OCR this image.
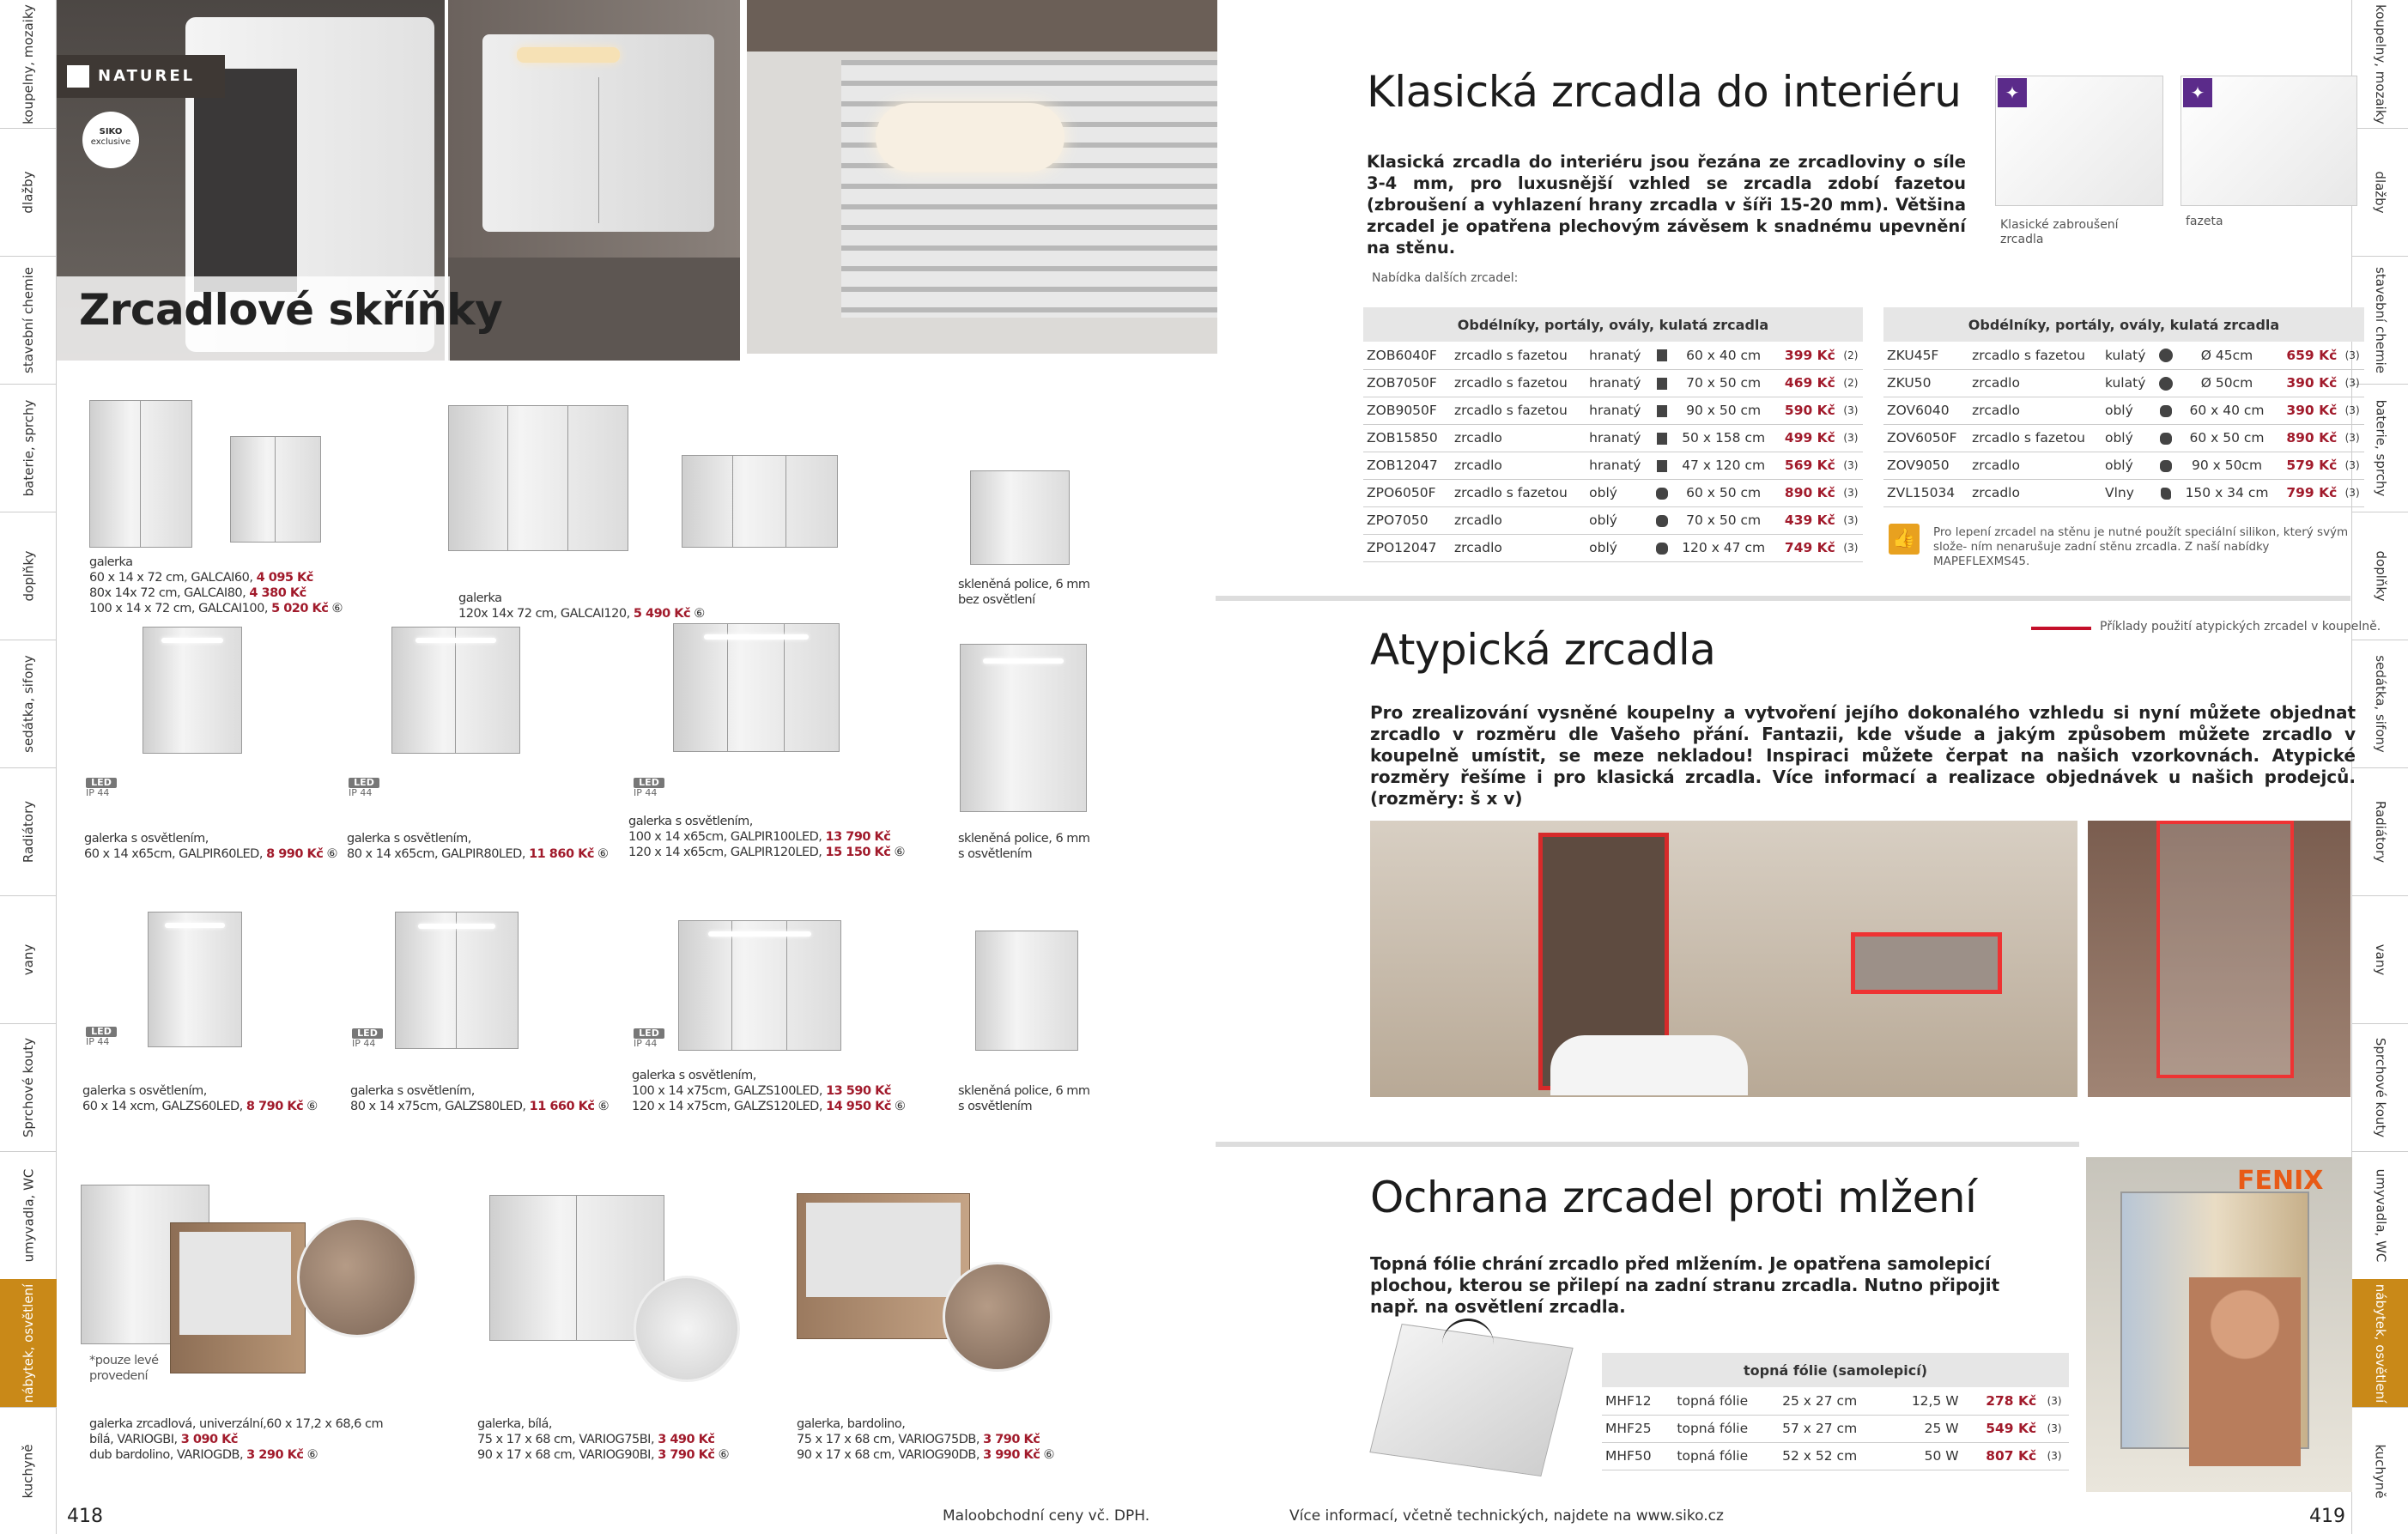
koupelny, mozaiky
dlažby
stavební chemie
baterie, sprchy
doplňky
sedátka, sifony
Radiátory
vany
Sprchové kouty
umyvadla, WC
nábytek, osvětlení
kuchyně
koupelny, mozaiky
dlažby
stavební chemie
baterie, sprchy
doplňky
sedátka, sifony
Radiátory
vany
Sprchové kouty
umyvadla, WC
nábytek, osvětlení
kuchyně
418	419
Maloobchodní ceny vč. DPH.	Více informací, včetně technických, najdete na www.siko.cz
NATUREL
SIKO
exclusive
Zrcadlové skříňky
galerka
60 x 14 x 72 cm, GALCAI60, 4 095 Kč
80x 14x 72 cm, GALCAI80, 4 380 Kč
100 x 14 x 72 cm, GALCAI100, 5 020 Kč ⑥
galerka
120x 14x 72 cm, GALCAI120, 5 490 Kč ⑥
skleněná police, 6 mm
bez osvětlení
LED
IP 44
galerka s osvětlením,
60 x 14 x65cm, GALPIR60LED, 8 990 Kč ⑥
LED
IP 44
galerka s osvětlením,
80 x 14 x65cm, GALPIR80LED, 11 860 Kč ⑥
LED
IP 44
galerka s osvětlením,
100 x 14 x65cm, GALPIR100LED, 13 790 Kč
120 x 14 x65cm, GALPIR120LED, 15 150 Kč ⑥
skleněná police, 6 mm
s osvětlením
LED
IP 44
galerka s osvětlením,
60 x 14 xcm, GALZS60LED, 8 790 Kč ⑥
LED
IP 44
galerka s osvětlením,
80 x 14 x75cm, GALZS80LED, 11 660 Kč ⑥
LED
IP 44
galerka s osvětlením,
100 x 14 x75cm, GALZS100LED, 13 590 Kč
120 x 14 x75cm, GALZS120LED, 14 950 Kč ⑥
skleněná police, 6 mm
s osvětlením
*pouze levé
provedení
galerka zrcadlová, univerzální,60 x 17,2 x 68,6 cm
bílá, VARIOGBI, 3 090 Kč
dub bardolino, VARIOGDB, 3 290 Kč ⑥
galerka, bílá,
75 x 17 x 68 cm, VARIOG75BI, 3 490 Kč
90 x 17 x 68 cm, VARIOG90BI, 3 790 Kč ⑥
galerka, bardolino,
75 x 17 x 68 cm, VARIOG75DB, 3 790 Kč
90 x 17 x 68 cm, VARIOG90DB, 3 990 Kč ⑥
Klasická zrcadla do interiéru
Klasická zrcadla do interiéru jsou řezána ze zrcadloviny o síle 3-4 mm, pro luxusnější vzhled se zrcadla zdobí fazetou (zbroušení a vyhlazení hrany zrcadla v šíři 15-20 mm). Většina zrcadel je opatřena plechovým závěsem k snadnému upevnění na stěnu.
✦	✦
Klasické zabroušení zrcadla
fazeta
Nabídka dalších zrcadel:
Obdélníky, portály, ovály, kulatá zrcadla						
ZOB6040F	zrcadlo s fazetou	hranatý		60 x 40 cm	399 Kč	(2)
ZOB7050F	zrcadlo s fazetou	hranatý		70 x 50 cm	469 Kč	(2)
ZOB9050F	zrcadlo s fazetou	hranatý		90 x 50 cm	590 Kč	(3)
ZOB15850	zrcadlo	hranatý		50 x 158 cm	499 Kč	(3)
ZOB12047	zrcadlo	hranatý		47 x 120 cm	569 Kč	(3)
ZPO6050F	zrcadlo s fazetou	oblý		60 x 50 cm	890 Kč	(3)
ZPO7050	zrcadlo	oblý		70 x 50 cm	439 Kč	(3)
ZPO12047	zrcadlo	oblý		120 x 47 cm	749 Kč	(3)
Obdélníky, portály, ovály, kulatá zrcadla						
ZKU45F	zrcadlo s fazetou	kulatý		Ø 45cm	659 Kč	(3)
ZKU50	zrcadlo	kulatý		Ø 50cm	390 Kč	(3)
ZOV6040	zrcadlo	oblý		60 x 40 cm	390 Kč	(3)
ZOV6050F	zrcadlo s fazetou	oblý		60 x 50 cm	890 Kč	(3)
ZOV9050	zrcadlo	oblý		90 x 50cm	579 Kč	(3)
ZVL15034	zrcadlo	Vlny		150 x 34 cm	799 Kč	(3)
👍	Pro lepení zrcadel na stěnu je nutné použít speciální silikon, který svým slože- ním nenarušuje zadní stěnu zrcadla. Z naší nabídky MAPEFLEXMS45.
Atypická zrcadla	Příklady použití atypických zrcadel v koupelně.
Pro zrealizování vysněné koupelny a vytvoření jejího dokonalého vzhledu si nyní můžete objednat zrcadlo v rozměru dle Vašeho přání. Fantazii, kde všude a jakým způsobem můžete zrcadlo v koupelně umístit, se meze nekladou! Inspiraci můžete čerpat na našich vzorkovnách. Atypické rozměry řešíme i pro klasická zrcadla. Více informací a realizace objednávek u našich prodejců. (rozměry: š x v)
Ochrana zrcadel proti mlžení
Topná fólie chrání zrcadlo před mlžením. Je opatřena samolepicí plochou, kterou se přilepí na zadní stranu zrcadla. Nutno připojit např. na osvětlení zrcadla.
topná fólie (samolepicí)					
MHF12	topná fólie	25 x 27 cm	12,5 W	278 Kč	(3)
MHF25	topná fólie	57 x 27 cm	25 W	549 Kč	(3)
MHF50	topná fólie	52 x 52 cm	50 W	807 Kč	(3)
FENIX
